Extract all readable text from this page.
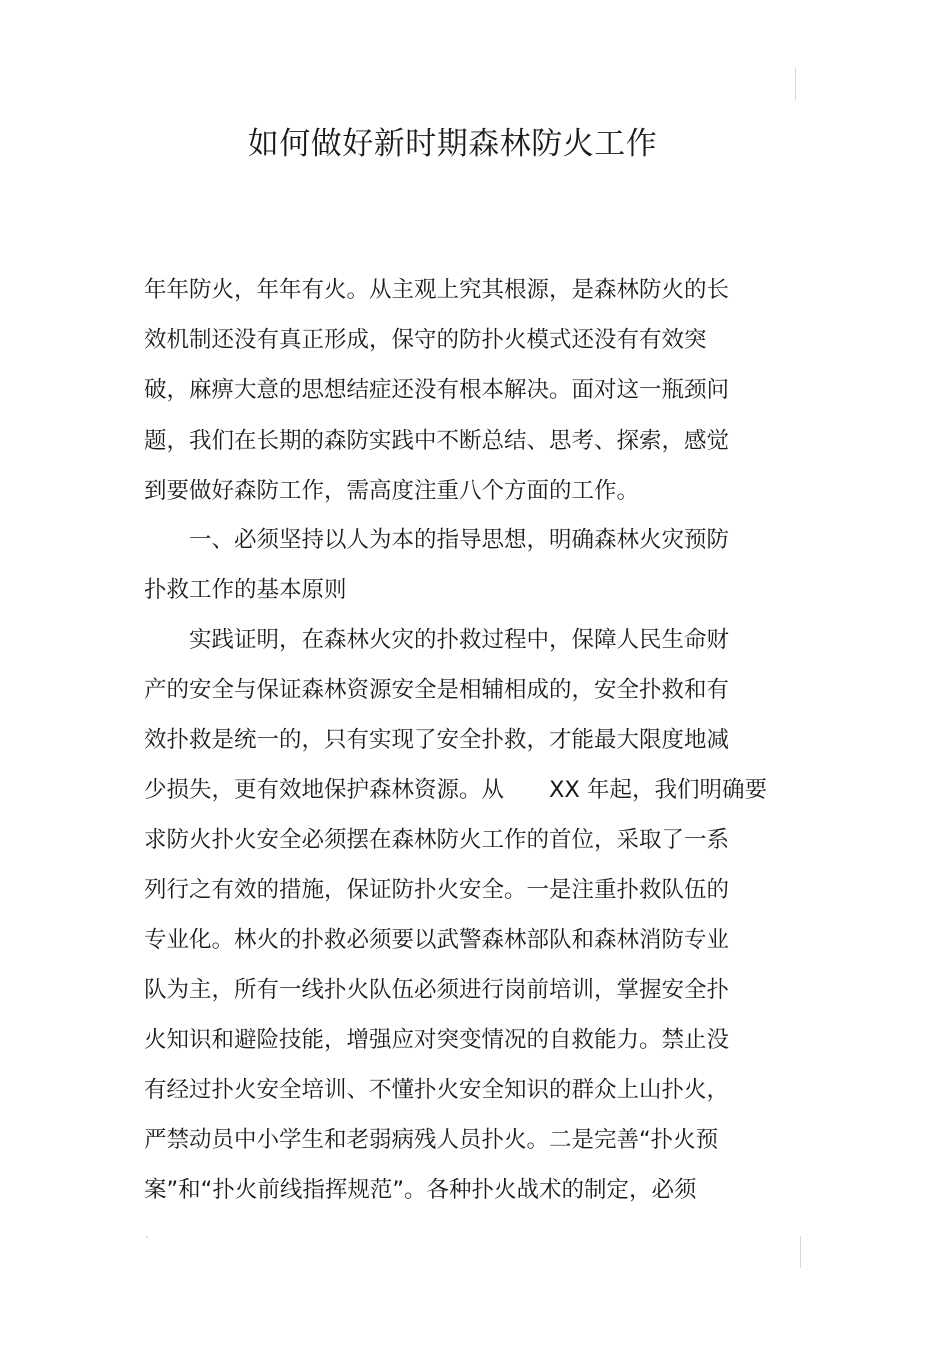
如何做好新时期森林防火工作

年年防火，年年有火。从主观上究其根源，是森林防火的长

效机制还没有真正形成，保守的防扑火模式还没有有效突

破，麻痹大意的思想结症还没有根本解决。面对这一瓶颈问

题，我们在长期的森防实践中不断总结、思考、探索，感觉

到要做好森防工作，需高度注重八个方面的工作。

　　一、必须坚持以人为本的指导思想，明确森林火灾预防

扑救工作的基本原则

　　实践证明，在森林火灾的扑救过程中，保障人民生命财

产的安全与保证森林资源安全是相辅相成的，安全扑救和有

效扑救是统一的，只有实现了安全扑救，才能最大限度地减

少损失，更有效地保护森林资源。从　　XX 年起，我们明确要

求防火扑火安全必须摆在森林防火工作的首位，采取了一系

列行之有效的措施，保证防扑火安全。一是注重扑救队伍的

专业化。林火的扑救必须要以武警森林部队和森林消防专业

队为主，所有一线扑火队伍必须进行岗前培训，掌握安全扑

火知识和避险技能，增强应对突变情况的自救能力。禁止没

有经过扑火安全培训、不懂扑火安全知识的群众上山扑火，

严禁动员中小学生和老弱病残人员扑火。二是完善“扑火预

案”和“扑火前线指挥规范”。各种扑火战术的制定，必须
